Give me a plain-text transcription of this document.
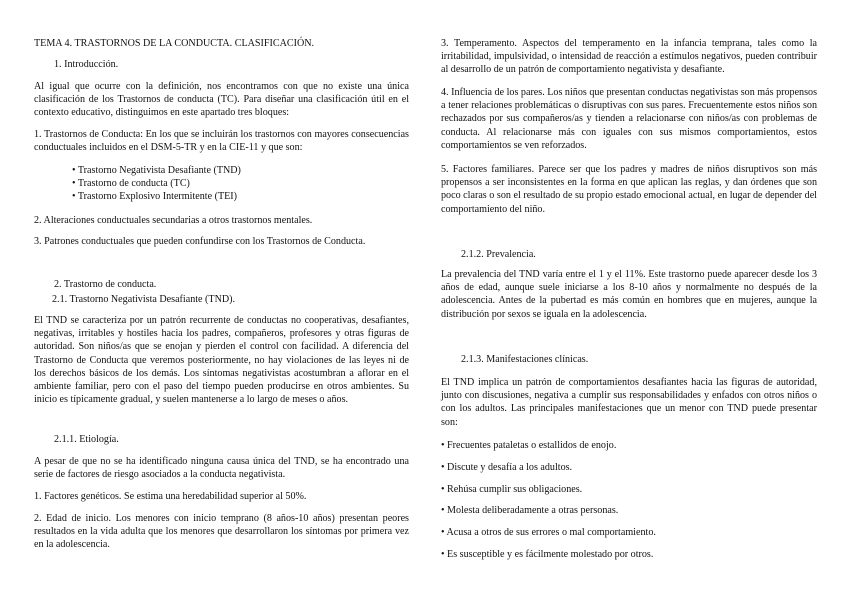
TEMA 4. TRASTORNOS DE LA CONDUCTA. CLASIFICACIÓN.

1. Introducción.

Al igual que ocurre con la definición, nos encontramos con que no existe una única clasificación de los Trastornos de conducta (TC). Para diseñar una clasificación útil en el contexto educativo, distinguimos en este apartado tres bloques:

1. Trastornos de Conducta: En los que se incluirán los trastornos con mayores consecuencias conductuales incluidos en el DSM-5-TR y en la CIE-11 y que son:

• Trastorno Negativista Desafiante (TND)
• Trastorno de conducta (TC)
• Trastorno Explosivo Intermitente (TEI)

2. Alteraciones conductuales secundarias a otros trastornos mentales.

3. Patrones conductuales que pueden confundirse con los Trastornos de Conducta.

2. Trastorno de conducta.

2.1. Trastorno Negativista Desafiante (TND).

El TND se caracteriza por un patrón recurrente de conductas no cooperativas, desafiantes, negativas, irritables y hostiles hacia los padres, compañeros, profesores y otras figuras de autoridad. Son niños/as que se enojan y pierden el control con facilidad. A diferencia del Trastorno de Conducta que veremos posteriormente, no hay violaciones de las leyes ni de los derechos básicos de los demás. Los síntomas negativistas acostumbran a aflorar en el ambiente familiar, pero con el paso del tiempo pueden producirse en otros ambientes. Su inicio es típicamente gradual, y suelen mantenerse a lo largo de meses o años.

2.1.1. Etiología.

A pesar de que no se ha identificado ninguna causa única del TND, se ha encontrado una serie de factores de riesgo asociados a la conducta negativista.

1. Factores genéticos. Se estima una heredabilidad superior al 50%.

2. Edad de inicio. Los menores con inicio temprano (8 años-10 años) presentan peores resultados en la vida adulta que los menores que desarrollaron los síntomas por primera vez en la adolescencia.

3. Temperamento. Aspectos del temperamento en la infancia temprana, tales como la irritabilidad, impulsividad, o intensidad de reacción a estímulos negativos, pueden contribuir al desarrollo de un patrón de comportamiento negativista y desafiante.

4. Influencia de los pares. Los niños que presentan conductas negativistas son más propensos a tener relaciones problemáticas o disruptivas con sus pares. Frecuentemente estos niños son rechazados por sus compañeros/as y tienden a relacionarse con niños/as con problemas de conducta. Al relacionarse más con iguales con sus mismos comportamientos, estos comportamientos se ven reforzados.

5. Factores familiares. Parece ser que los padres y madres de niños disruptivos son más propensos a ser inconsistentes en la forma en que aplican las reglas, y dan órdenes que son poco claras o son el resultado de su propio estado emocional actual, en lugar de depender del comportamiento del niño.

2.1.2. Prevalencia.

La prevalencia del TND varía entre el 1 y el 11%. Este trastorno puede aparecer desde los 3 años de edad, aunque suele iniciarse a los 8-10 años y normalmente no después de la adolescencia. Antes de la pubertad es más común en hombres que en mujeres, aunque la distribución por sexos se iguala en la adolescencia.

2.1.3. Manifestaciones clínicas.

El TND implica un patrón de comportamientos desafiantes hacia las figuras de autoridad, junto con discusiones, negativa a cumplir sus responsabilidades y enfados con otros niños o con los adultos. Las principales manifestaciones que un menor con TND puede presentar son:

• Frecuentes pataletas o estallidos de enojo.

• Discute y desafía a los adultos.

• Rehúsa cumplir sus obligaciones.

• Molesta deliberadamente a otras personas.

• Acusa a otros de sus errores o mal comportamiento.

• Es susceptible y es fácilmente molestado por otros.
